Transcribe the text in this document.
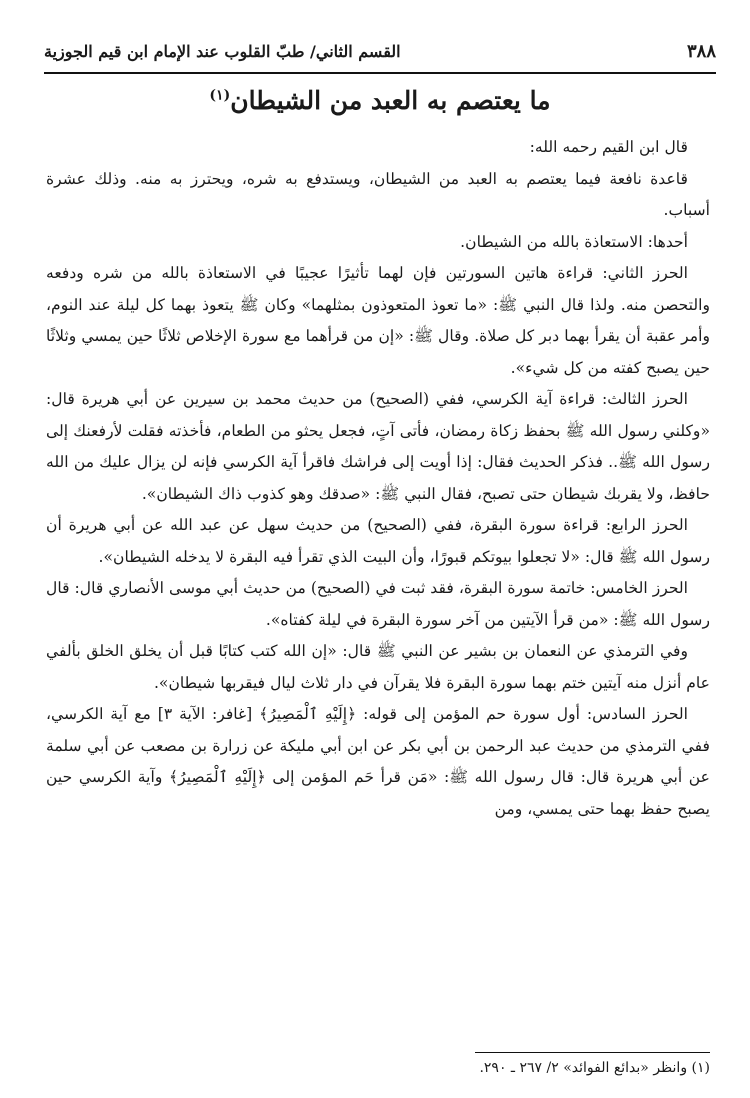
٣٨٨
القسم الثاني/ طبّ القلوب عند الإمام ابن قيم الجوزية
ما يعتصم به العبد من الشيطان$^{(١)}$

قال ابن القيم رحمه الله:

قاعدة نافعة فيما يعتصم به العبد من الشيطان، ويستدفع به شره، ويحترز به منه. وذلك عشرة أسباب.

أحدها: الاستعاذة بالله من الشيطان.

الحرز الثاني: قراءة هاتين السورتين فإن لهما تأثيرًا عجيبًا في الاستعاذة بالله من شره ودفعه والتحصن منه. ولذا قال النبي ﷺ: «ما تعوذ المتعوذون بمثلهما» وكان ﷺ يتعوذ بهما كل ليلة عند النوم، وأمر عقبة أن يقرأ بهما دبر كل صلاة. وقال ﷺ: «إن من قرأهما مع سورة الإخلاص ثلاثًا حين يمسي وثلاثًا حين يصبح كفته من كل شيء».

الحرز الثالث: قراءة آية الكرسي، ففي (الصحيح) من حديث محمد بن سيرين عن أبي هريرة قال: «وكلني رسول الله ﷺ بحفظ زكاة رمضان، فأتى آتٍ، فجعل يحثو من الطعام، فأخذته فقلت لأرفعنك إلى رسول الله ﷺ.. فذكر الحديث فقال: إذا أويت إلى فراشك فاقرأ آية الكرسي فإنه لن يزال عليك من الله حافظ، ولا يقربك شيطان حتى تصبح، فقال النبي ﷺ: «صدقك وهو كذوب ذاك الشيطان».

الحرز الرابع: قراءة سورة البقرة، ففي (الصحيح) من حديث سهل عن عبد الله عن أبي هريرة أن رسول الله ﷺ قال: «لا تجعلوا بيوتكم قبورًا، وأن البيت الذي تقرأ فيه البقرة لا يدخله الشيطان».

الحرز الخامس: خاتمة سورة البقرة، فقد ثبت في (الصحيح) من حديث أبي موسى الأنصاري قال: قال رسول الله ﷺ: «من قرأ الآيتين من آخر سورة البقرة في ليلة كفتاه».

وفي الترمذي عن النعمان بن بشير عن النبي ﷺ قال: «إن الله كتب كتابًا قبل أن يخلق الخلق بألفي عام أنزل منه آيتين ختم بهما سورة البقرة فلا يقرآن في دار ثلاث ليال فيقربها شيطان».

الحرز السادس: أول سورة حم المؤمن إلى قوله: ﴿إِلَيْهِ ٱلْمَصِيرُ﴾ [غافر: الآية ٣] مع آية الكرسي، ففي الترمذي من حديث عبد الرحمن بن أبي بكر عن ابن أبي مليكة عن زرارة بن مصعب عن أبي سلمة عن أبي هريرة قال: قال رسول الله ﷺ: «مَن قرأ حَم المؤمن إلى ﴿إِلَيْهِ ٱلْمَصِيرُ﴾ وآية الكرسي حين يصبح حفظ بهما حتى يمسي، ومن

(١) وانظر «بدائع الفوائد» ٢/ ٢٦٧ ـ ٢٩٠.
